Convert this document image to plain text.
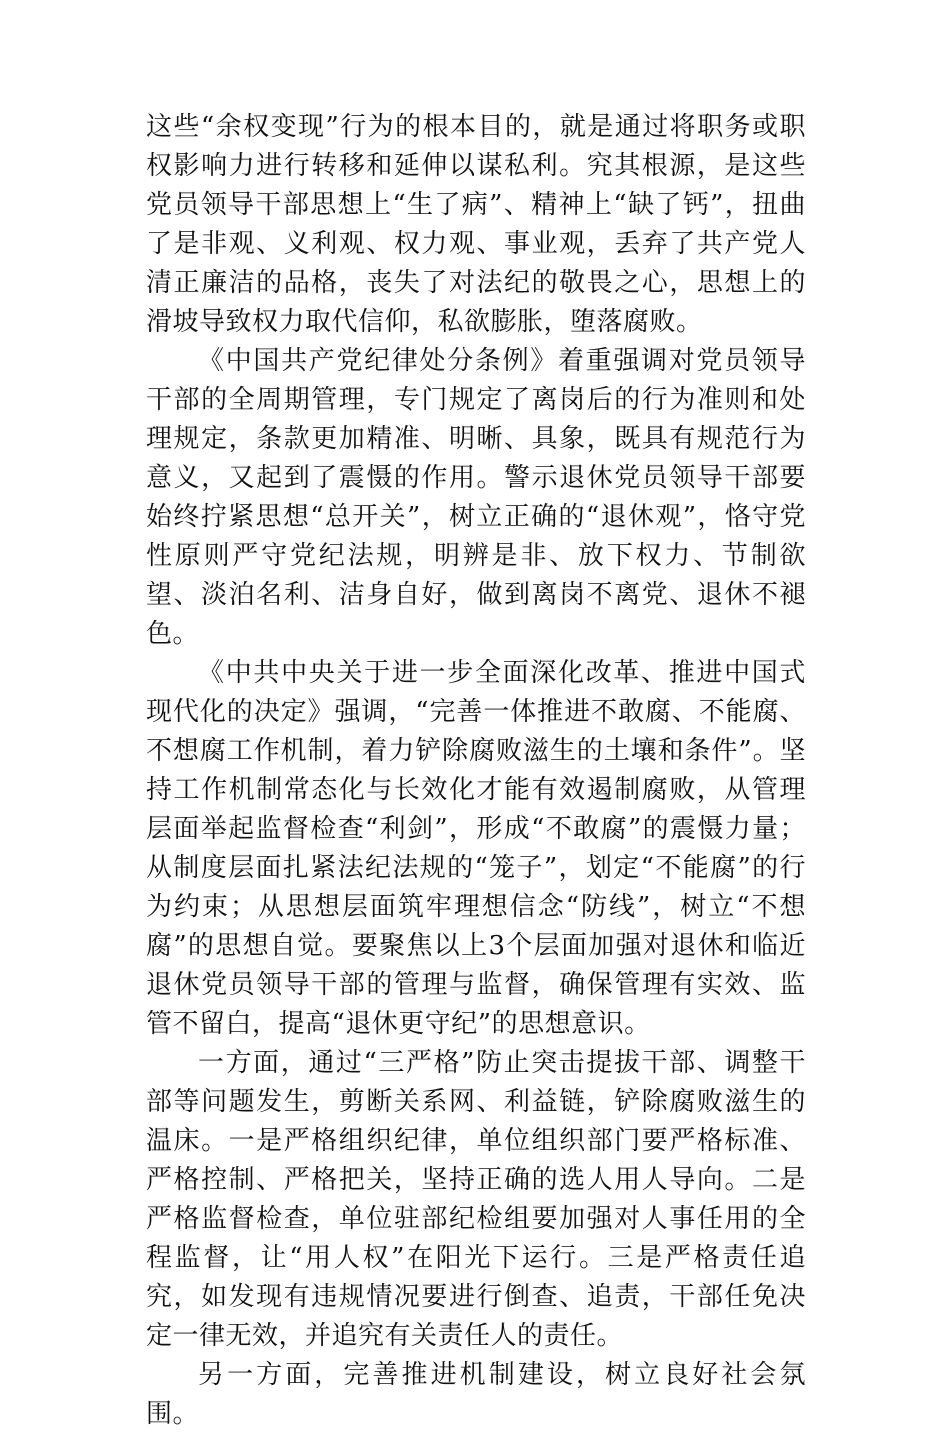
这些“余权变现”行为的根本目的，就是通过将职务或职权影响力进行转移和延伸以谋私利。究其根源，是这些党员领导干部思想上“生了病”、精神上“缺了钙”，扭曲了是非观、义利观、权力观、事业观，丢弃了共产党人清正廉洁的品格，丧失了对法纪的敬畏之心，思想上的滑坡导致权力取代信仰，私欲膨胀，堕落腐败。

《中国共产党纪律处分条例》着重强调对党员领导干部的全周期管理，专门规定了离岗后的行为准则和处理规定，条款更加精准、明晰、具象，既具有规范行为意义，又起到了震慑的作用。警示退休党员领导干部要始终拧紧思想“总开关”，树立正确的“退休观”，恪守党性原则严守党纪法规，明辨是非、放下权力、节制欲望、淡泊名利、洁身自好，做到离岗不离党、退休不褪色。

《中共中央关于进一步全面深化改革、推进中国式现代化的决定》强调，“完善一体推进不敢腐、不能腐、不想腐工作机制，着力铲除腐败滋生的土壤和条件”。坚持工作机制常态化与长效化才能有效遏制腐败，从管理层面举起监督检查“利剑”，形成“不敢腐”的震慑力量；从制度层面扎紧法纪法规的“笼子”，划定“不能腐”的行为约束；从思想层面筑牢理想信念“防线”，树立“不想腐”的思想自觉。要聚焦以上3个层面加强对退休和临近退休党员领导干部的管理与监督，确保管理有实效、监管不留白，提高“退休更守纪”的思想意识。

一方面，通过“三严格”防止突击提拔干部、调整干部等问题发生，剪断关系网、利益链，铲除腐败滋生的温床。一是严格组织纪律，单位组织部门要严格标准、严格控制、严格把关，坚持正确的选人用人导向。二是严格监督检查，单位驻部纪检组要加强对人事任用的全程监督，让“用人权”在阳光下运行。三是严格责任追究，如发现有违规情况要进行倒查、追责，干部任免决定一律无效，并追究有关责任人的责任。

另一方面，完善推进机制建设，树立良好社会氛围。
